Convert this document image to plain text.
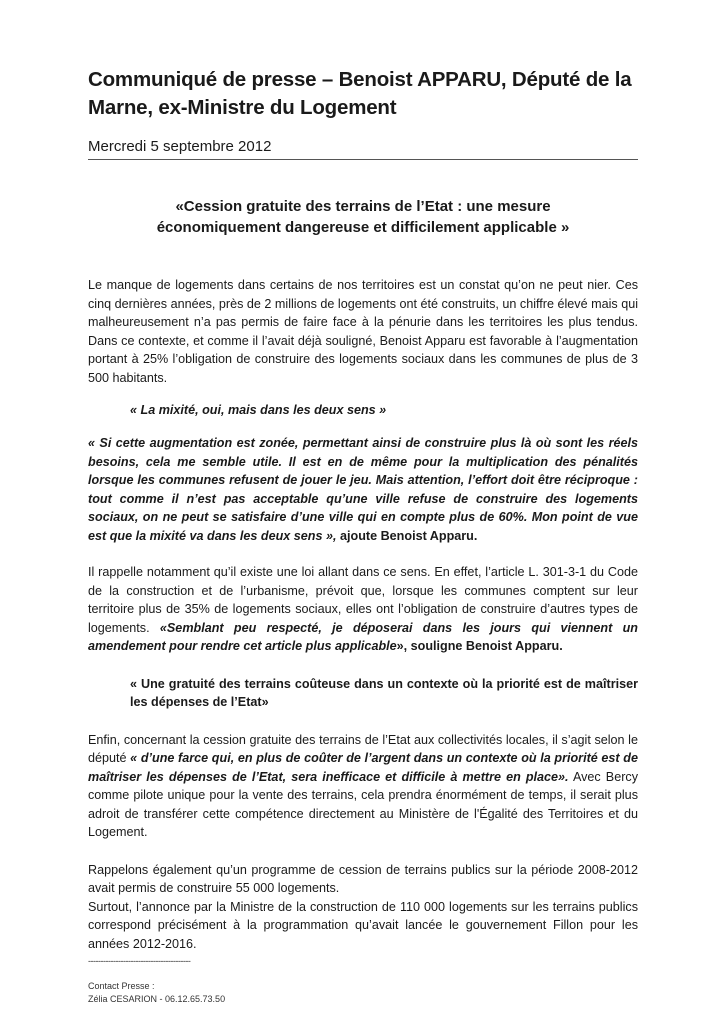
Communiqué de presse – Benoist APPARU, Député de la Marne, ex-Ministre du Logement
Mercredi 5 septembre 2012
«Cession gratuite des terrains de l’Etat : une mesure économiquement dangereuse et difficilement applicable »

Le manque de logements dans certains de nos territoires est un constat qu’on ne peut nier. Ces cinq dernières années, près de 2 millions de logements ont été construits, un chiffre élevé mais qui malheureusement n’a pas permis de faire face à la pénurie dans les territoires les plus tendus. Dans ce contexte, et comme il l’avait déjà souligné, Benoist Apparu est favorable à l’augmentation portant à 25% l’obligation de construire des logements sociaux dans les communes de plus de 3 500 habitants.

« La mixité, oui, mais dans les deux sens »

« Si cette augmentation est zonée, permettant ainsi de construire plus là où sont les réels besoins, cela me semble utile. Il est en de même pour la multiplication des pénalités lorsque les communes refusent de jouer le jeu. Mais attention, l’effort doit être réciproque : tout comme il n’est pas acceptable qu’une ville refuse de construire des logements sociaux, on ne peut se satisfaire d’une ville qui en compte plus de 60%. Mon point de vue est que la mixité va dans les deux sens », ajoute Benoist Apparu.

Il rappelle notamment qu’il existe une loi allant dans ce sens. En effet, l’article L. 301-3-1 du Code de la construction et de l’urbanisme, prévoit que, lorsque les communes comptent sur leur territoire plus de 35% de logements sociaux, elles ont l’obligation de construire d’autres types de logements. «Semblant peu respecté, je déposerai dans les jours qui viennent un amendement pour rendre cet article plus applicable», souligne Benoist Apparu.

« Une gratuité des terrains coûteuse dans un contexte où la priorité est de maîtriser les dépenses de l’Etat»

Enfin, concernant la cession gratuite des terrains de l’Etat aux collectivités locales, il s’agit selon le député « d’une farce qui, en plus de coûter de l’argent dans un contexte où la priorité est de maîtriser les dépenses de l’Etat, sera inefficace et difficile à mettre en place». Avec Bercy comme pilote unique pour la vente des terrains, cela prendra énormément de temps, il serait plus adroit de transférer cette compétence directement au Ministère de l'Égalité des Territoires et du Logement.

Rappelons également qu’un programme de cession de terrains publics sur la période 2008-2012 avait permis de construire 55 000 logements.

Surtout, l’annonce par la Ministre de la construction de 110 000 logements sur les terrains publics correspond précisément à la programmation qu’avait lancée le gouvernement Fillon pour les années 2012-2016.

-----------------------------------------
Contact Presse :
Zélia CESARION - 06.12.65.73.50
